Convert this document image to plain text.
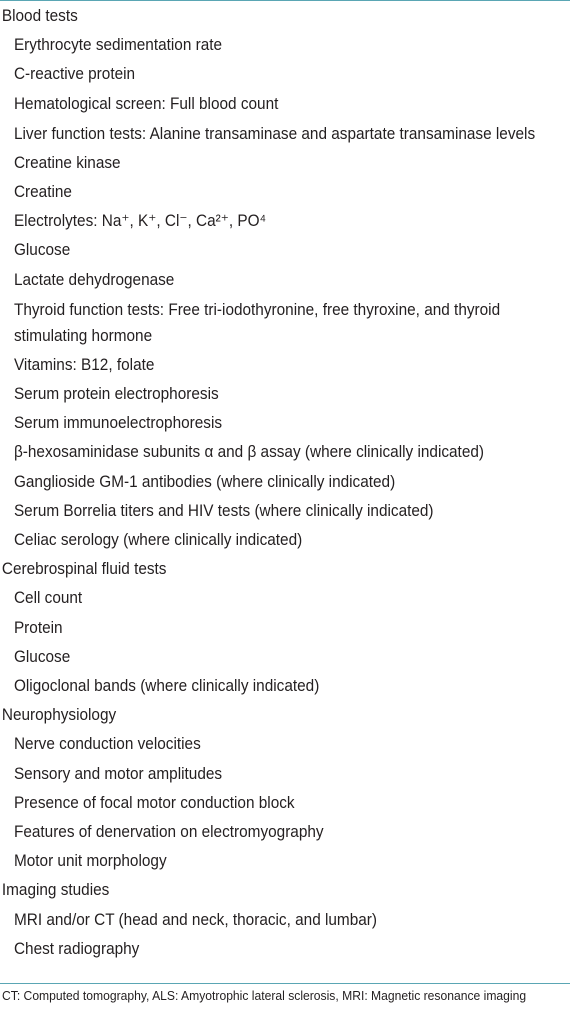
Blood tests
Erythrocyte sedimentation rate
C-reactive protein
Hematological screen: Full blood count
Liver function tests: Alanine transaminase and aspartate transaminase levels
Creatine kinase
Creatine
Electrolytes: Na⁺, K⁺, Cl⁻, Ca²⁺, PO⁴
Glucose
Lactate dehydrogenase
Thyroid function tests: Free tri-iodothyronine, free thyroxine, and thyroid stimulating hormone
Vitamins: B12, folate
Serum protein electrophoresis
Serum immunoelectrophoresis
β-hexosaminidase subunits α and β assay (where clinically indicated)
Ganglioside GM-1 antibodies (where clinically indicated)
Serum Borrelia titers and HIV tests (where clinically indicated)
Celiac serology (where clinically indicated)
Cerebrospinal fluid tests
Cell count
Protein
Glucose
Oligoclonal bands (where clinically indicated)
Neurophysiology
Nerve conduction velocities
Sensory and motor amplitudes
Presence of focal motor conduction block
Features of denervation on electromyography
Motor unit morphology
Imaging studies
MRI and/or CT (head and neck, thoracic, and lumbar)
Chest radiography
CT: Computed tomography, ALS: Amyotrophic lateral sclerosis, MRI: Magnetic resonance imaging
